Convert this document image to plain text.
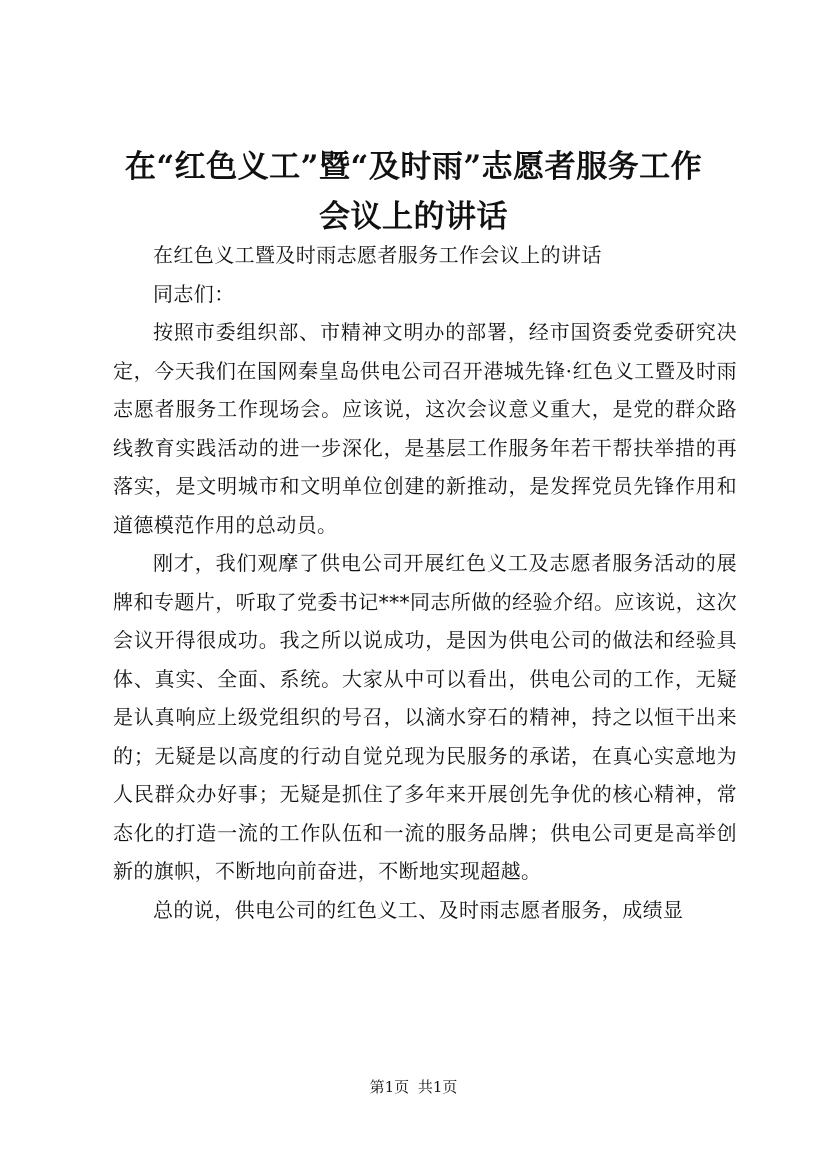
在“红色义工”暨“及时雨”志愿者服务工作
会议上的讲话

在红色义工暨及时雨志愿者服务工作会议上的讲话

同志们：

按照市委组织部、市精神文明办的部署，经市国资委党委研究决定，今天我们在国网秦皇岛供电公司召开港城先锋·红色义工暨及时雨志愿者服务工作现场会。应该说，这次会议意义重大，是党的群众路线教育实践活动的进一步深化，是基层工作服务年若干帮扶举措的再落实，是文明城市和文明单位创建的新推动，是发挥党员先锋作用和道德模范作用的总动员。

刚才，我们观摩了供电公司开展红色义工及志愿者服务活动的展牌和专题片，听取了党委书记***同志所做的经验介绍。应该说，这次会议开得很成功。我之所以说成功，是因为供电公司的做法和经验具体、真实、全面、系统。大家从中可以看出，供电公司的工作，无疑是认真响应上级党组织的号召，以滴水穿石的精神，持之以恒干出来的；无疑是以高度的行动自觉兑现为民服务的承诺，在真心实意地为人民群众办好事；无疑是抓住了多年来开展创先争优的核心精神，常态化的打造一流的工作队伍和一流的服务品牌；供电公司更是高举创新的旗帜，不断地向前奋进，不断地实现超越。

总的说，供电公司的红色义工、及时雨志愿者服务，成绩显

第1页 共1页
